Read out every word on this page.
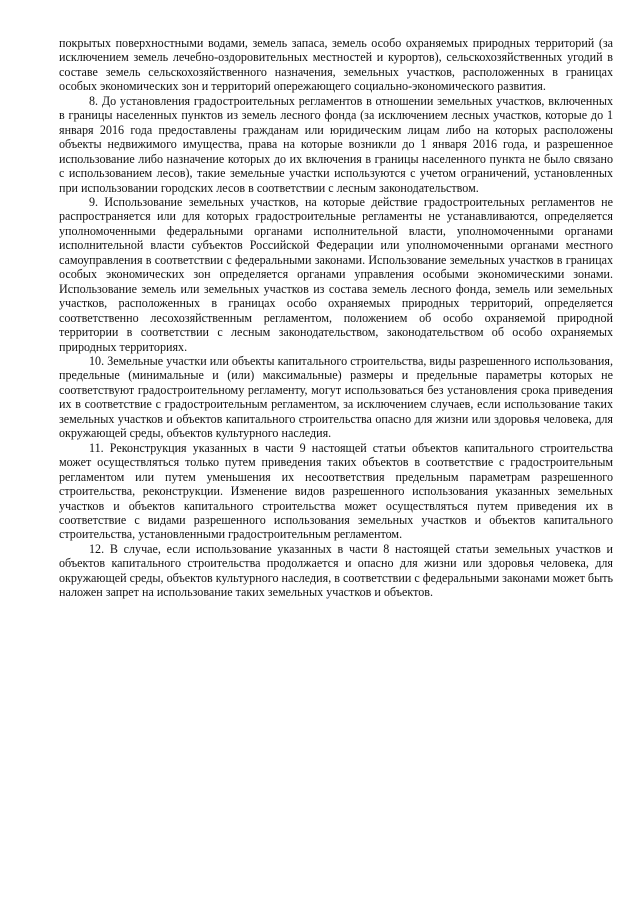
покрытых поверхностными водами, земель запаса, земель особо охраняемых природных территорий (за исключением земель лечебно-оздоровительных местностей и курортов), сельскохозяйственных угодий в составе земель сельскохозяйственного назначения, земельных участков, расположенных в границах особых экономических зон и территорий опережающего социально-экономического развития.

8. До установления градостроительных регламентов в отношении земельных участков, включенных в границы населенных пунктов из земель лесного фонда (за исключением лесных участков, которые до 1 января 2016 года предоставлены гражданам или юридическим лицам либо на которых расположены объекты недвижимого имущества, права на которые возникли до 1 января 2016 года, и разрешенное использование либо назначение которых до их включения в границы населенного пункта не было связано с использованием лесов), такие земельные участки используются с учетом ограничений, установленных при использовании городских лесов в соответствии с лесным законодательством.

9. Использование земельных участков, на которые действие градостроительных регламентов не распространяется или для которых градостроительные регламенты не устанавливаются, определяется уполномоченными федеральными органами исполнительной власти, уполномоченными органами исполнительной власти субъектов Российской Федерации или уполномоченными органами местного самоуправления в соответствии с федеральными законами. Использование земельных участков в границах особых экономических зон определяется органами управления особыми экономическими зонами. Использование земель или земельных участков из состава земель лесного фонда, земель или земельных участков, расположенных в границах особо охраняемых природных территорий, определяется соответственно лесохозяйственным регламентом, положением об особо охраняемой природной территории в соответствии с лесным законодательством, законодательством об особо охраняемых природных территориях.

10. Земельные участки или объекты капитального строительства, виды разрешенного использования, предельные (минимальные и (или) максимальные) размеры и предельные параметры которых не соответствуют градостроительному регламенту, могут использоваться без установления срока приведения их в соответствие с градостроительным регламентом, за исключением случаев, если использование таких земельных участков и объектов капитального строительства опасно для жизни или здоровья человека, для окружающей среды, объектов культурного наследия.

11. Реконструкция указанных в части 9 настоящей статьи объектов капитального строительства может осуществляться только путем приведения таких объектов в соответствие с градостроительным регламентом или путем уменьшения их несоответствия предельным параметрам разрешенного строительства, реконструкции. Изменение видов разрешенного использования указанных земельных участков и объектов капитального строительства может осуществляться путем приведения их в соответствие с видами разрешенного использования земельных участков и объектов капитального строительства, установленными градостроительным регламентом.

12. В случае, если использование указанных в части 8 настоящей статьи земельных участков и объектов капитального строительства продолжается и опасно для жизни или здоровья человека, для окружающей среды, объектов культурного наследия, в соответствии с федеральными законами может быть наложен запрет на использование таких земельных участков и объектов.
